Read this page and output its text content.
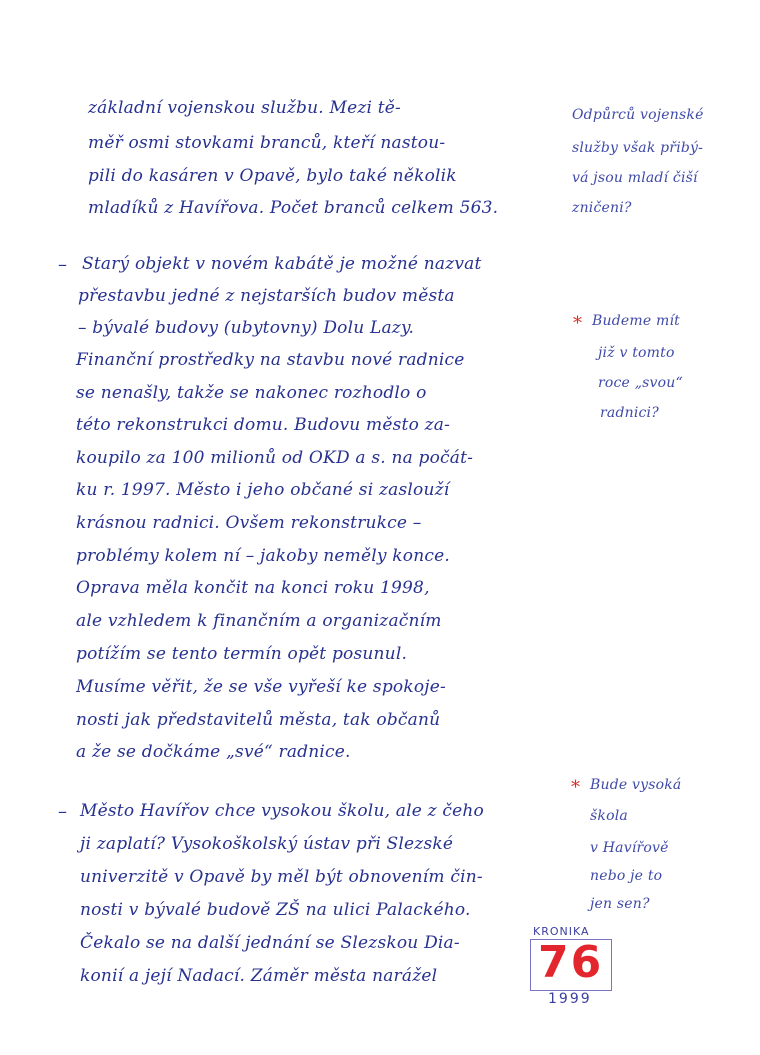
základní vojenskou službu. Mezi tě-
měř osmi stovkami branců, kteří nastou-
pili do kasáren v Opavě, bylo také několik
mladíků z Havířova. Počet branců celkem 563.
– Starý objekt v novém kabátě je možné nazvat
přestavbu jedné z nejstarších budov města
– bývalé budovy (ubytovny) Dolu Lazy.
Finanční prostředky na stavbu nové radnice
se nenašly, takže se nakonec rozhodlo o
této rekonstrukci domu. Budovu město za-
koupilo za 100 milionů od OKD a s. na počát-
ku r. 1997. Město i jeho občané si zaslouží
krásnou radnici. Ovšem rekonstrukce –
problémy kolem ní – jakoby neměly konce.
Oprava měla končit na konci roku 1998,
ale vzhledem k finančním a organizačním
potížím se tento termín opět posunul.
Musíme věřit, že se vše vyřeší ke spokoje-
nosti jak představitelů města, tak občanů
a že se dočkáme „své“ radnice.
– Město Havířov chce vysokou školu, ale z čeho
ji zaplatí? Vysokoškolský ústav při Slezské
univerzitě v Opavě by měl být obnovením čin-
nosti v bývalé budově ZŠ na ulici Palackého.
Čekalo se na další jednání se Slezskou Dia-
konií a její Nadací. Záměr města narážel
Odpůrců vojenské
služby však přibý-
vá jsou mladí čiší
zničeni?
* Budeme mít
již v tomto
roce „svou“
radnici?
* Bude vysoká
škola
v Havířově
nebo je to
jen sen?
KRONIKA
76
1999
